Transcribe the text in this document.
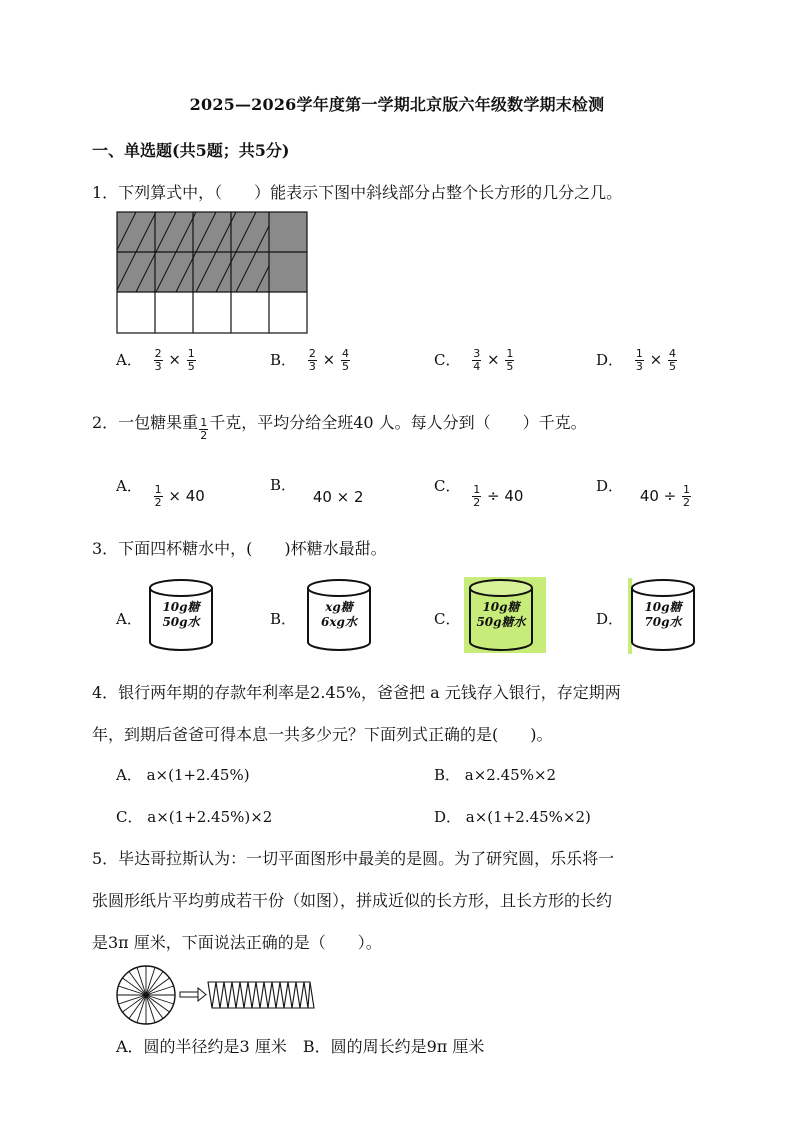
2025—2026学年度第一学期北京版六年级数学期末检测
一、单选题(共5题；共5分)
1．下列算式中，（　　）能表示下图中斜线部分占整个长方形的几分之几。
A． $\frac{2}{3} \times \frac{1}{5}$	B． $\frac{2}{3} \times \frac{4}{5}$	C． $\frac{3}{4} \times \frac{1}{5}$	D． $\frac{1}{3} \times \frac{4}{5}$
2．一包糖果重 $\frac{1}{2}$ 千克，平均分给全班40 人。每人分到（　　）千克。
A． $\frac{1}{2} \times 40$
B． 40 × 2
C． $\frac{1}{2} \div 40$
D． $40 \div \frac{1}{2}$
3．下面四杯糖水中，(　　)杯糖水最甜。
A．
10g糖
50g水	B．
xg糖
6xg水	C．
10g糖
50g糖水	D．
10g糖
70g水
4．银行两年期的存款年利率是2.45%，爸爸把 a 元钱存入银行，存定期两
年，到期后爸爸可得本息一共多少元？下面列式正确的是(　　)。
A． a×(1+2.45%)	B． a×2.45%×2
C． a×(1+2.45%)×2	D． a×(1+2.45%×2)
5．毕达哥拉斯认为：一切平面图形中最美的是圆。为了研究圆，乐乐将一
张圆形纸片平均剪成若干份（如图），拼成近似的长方形，且长方形的长约
是3π 厘米，下面说法正确的是（　　）。
A．圆的半径约是3 厘米　B．圆的周长约是9π 厘米
